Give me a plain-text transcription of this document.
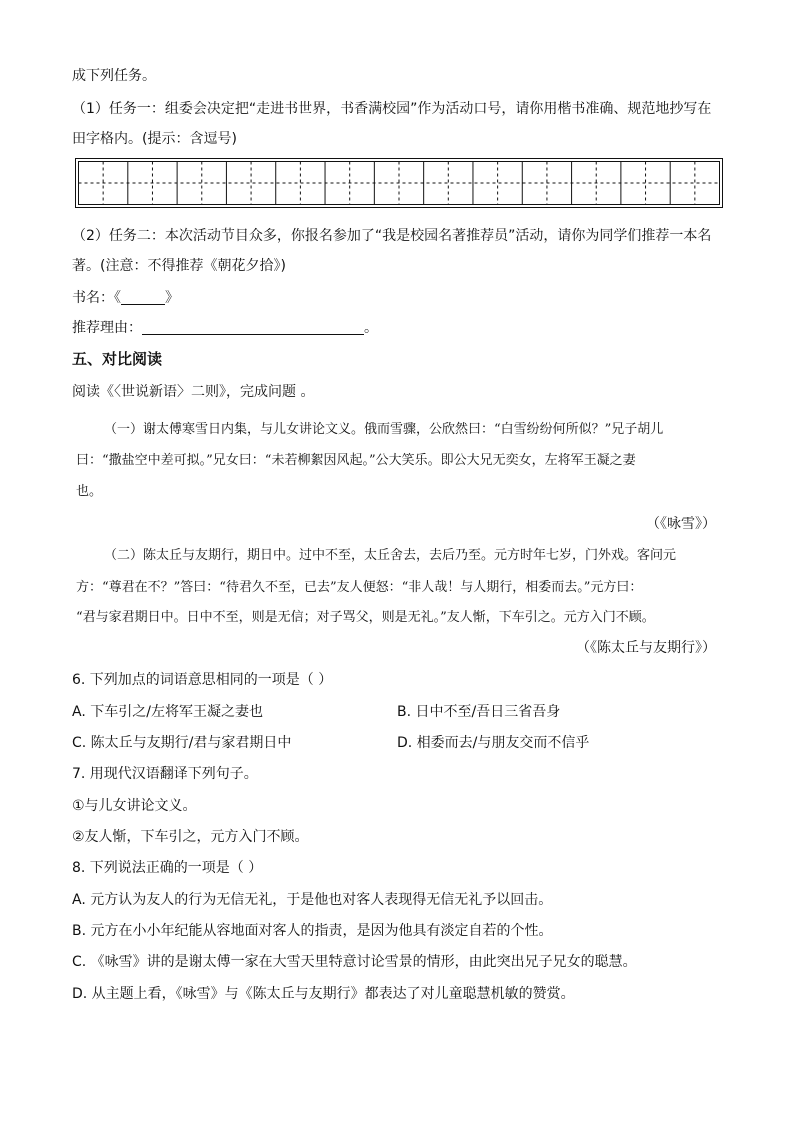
成下列任务。
（1）任务一：组委会决定把“走进书世界，书香满校园”作为活动口号，请你用楷书准确、规范地抄写在
田字格内。(提示：含逗号)
（2）任务二：本次活动节目众多，你报名参加了“我是校园名著推荐员”活动，请你为同学们推荐一本名
著。(注意：不得推荐《朝花夕拾》)
书名：《	》
推荐理由：	。
五、对比阅读
阅读《〈世说新语〉二则》，完成问题 。
（一）谢太傅寒雪日内集，与儿女讲论文义。俄而雪骤，公欣然曰：“白雪纷纷何所似？”兄子胡儿
曰：“撒盐空中差可拟。”兄女曰：“未若柳絮因风起。”公大笑乐。即公大兄无奕女，左将军王凝之妻
也。
（《咏雪》）
（二）陈太丘与友期行，期日中。过中不至，太丘舍去，去后乃至。元方时年七岁，门外戏。客问元
方：“尊君在不？”答曰：“待君久不至，已去”友人便怒：“非人哉！与人期行，相委而去。”元方曰：
“君与家君期日中。日中不至，则是无信；对子骂父，则是无礼。”友人惭，下车引之。元方入门不顾。
（《陈太丘与友期行》）
6. 下列加点的词语意思相同的一项是（ ）
A. 下车引之/左将军王凝之妻也	B. 日中不至/吾日三省吾身
C. 陈太丘与友期行/君与家君期日中	D. 相委而去/与朋友交而不信乎
7. 用现代汉语翻译下列句子。
①与儿女讲论文义。
②友人惭，下车引之，元方入门不顾。
8. 下列说法正确的一项是（ ）
A. 元方认为友人的行为无信无礼，于是他也对客人表现得无信无礼予以回击。
B. 元方在小小年纪能从容地面对客人的指责，是因为他具有淡定自若的个性。
C. 《咏雪》讲的是谢太傅一家在大雪天里特意讨论雪景的情形，由此突出兄子兄女的聪慧。
D. 从主题上看，《咏雪》与《陈太丘与友期行》都表达了对儿童聪慧机敏的赞赏。
